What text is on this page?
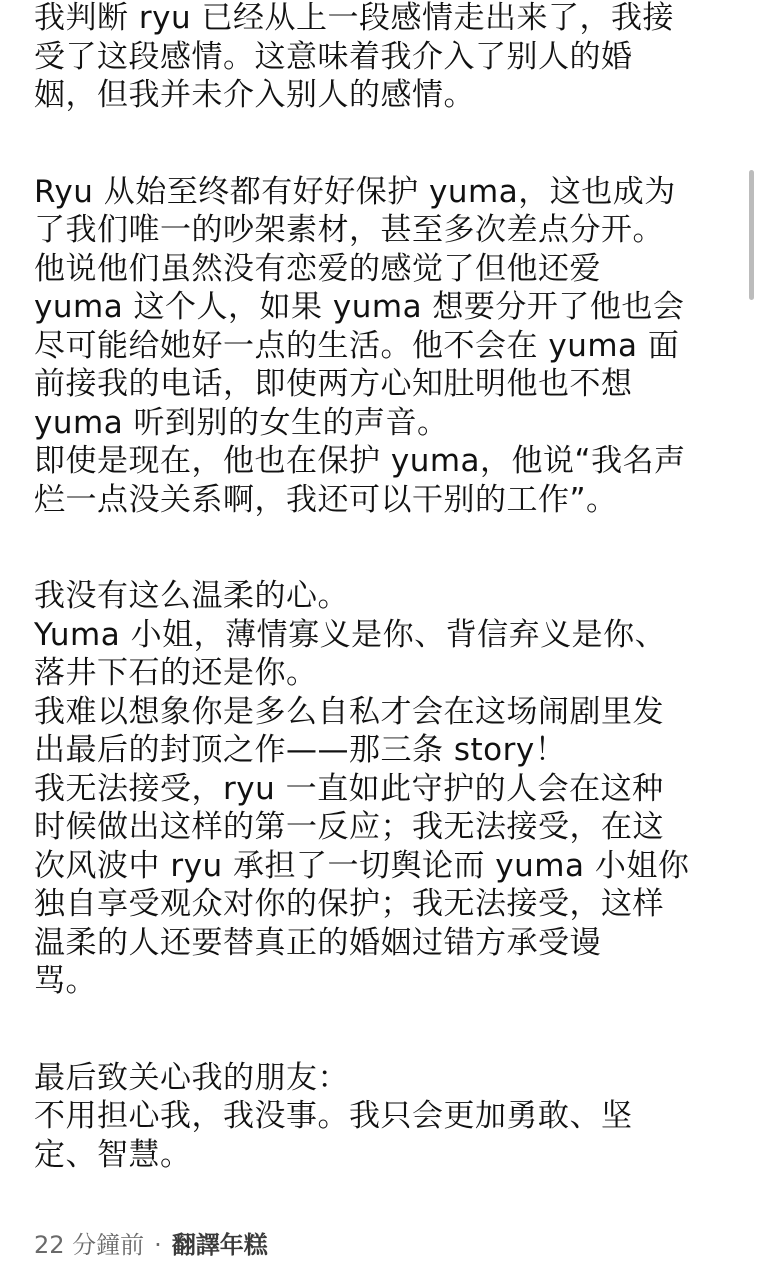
我判断 ryu 已经从上一段感情走出来了，我接
受了这段感情。这意味着我介入了别人的婚
姻，但我并未介入别人的感情。
Ryu 从始至终都有好好保护 yuma，这也成为
了我们唯一的吵架素材，甚至多次差点分开。
他说他们虽然没有恋爱的感觉了但他还爱
yuma 这个人，如果 yuma 想要分开了他也会
尽可能给她好一点的生活。他不会在 yuma 面
前接我的电话，即使两方心知肚明他也不想
yuma 听到别的女生的声音。
即使是现在，他也在保护 yuma，他说“我名声
烂一点没关系啊，我还可以干别的工作”。
我没有这么温柔的心。
Yuma 小姐，薄情寡义是你、背信弃义是你、
落井下石的还是你。
我难以想象你是多么自私才会在这场闹剧里发
出最后的封顶之作——那三条 story！
我无法接受，ryu 一直如此守护的人会在这种
时候做出这样的第一反应；我无法接受，在这
次风波中 ryu 承担了一切舆论而 yuma 小姐你
独自享受观众对你的保护；我无法接受，这样
温柔的人还要替真正的婚姻过错方承受谩
骂。
最后致关心我的朋友：
不用担心我，我没事。我只会更加勇敢、坚
定、智慧。
22 分鐘前 · 翻譯年糕
